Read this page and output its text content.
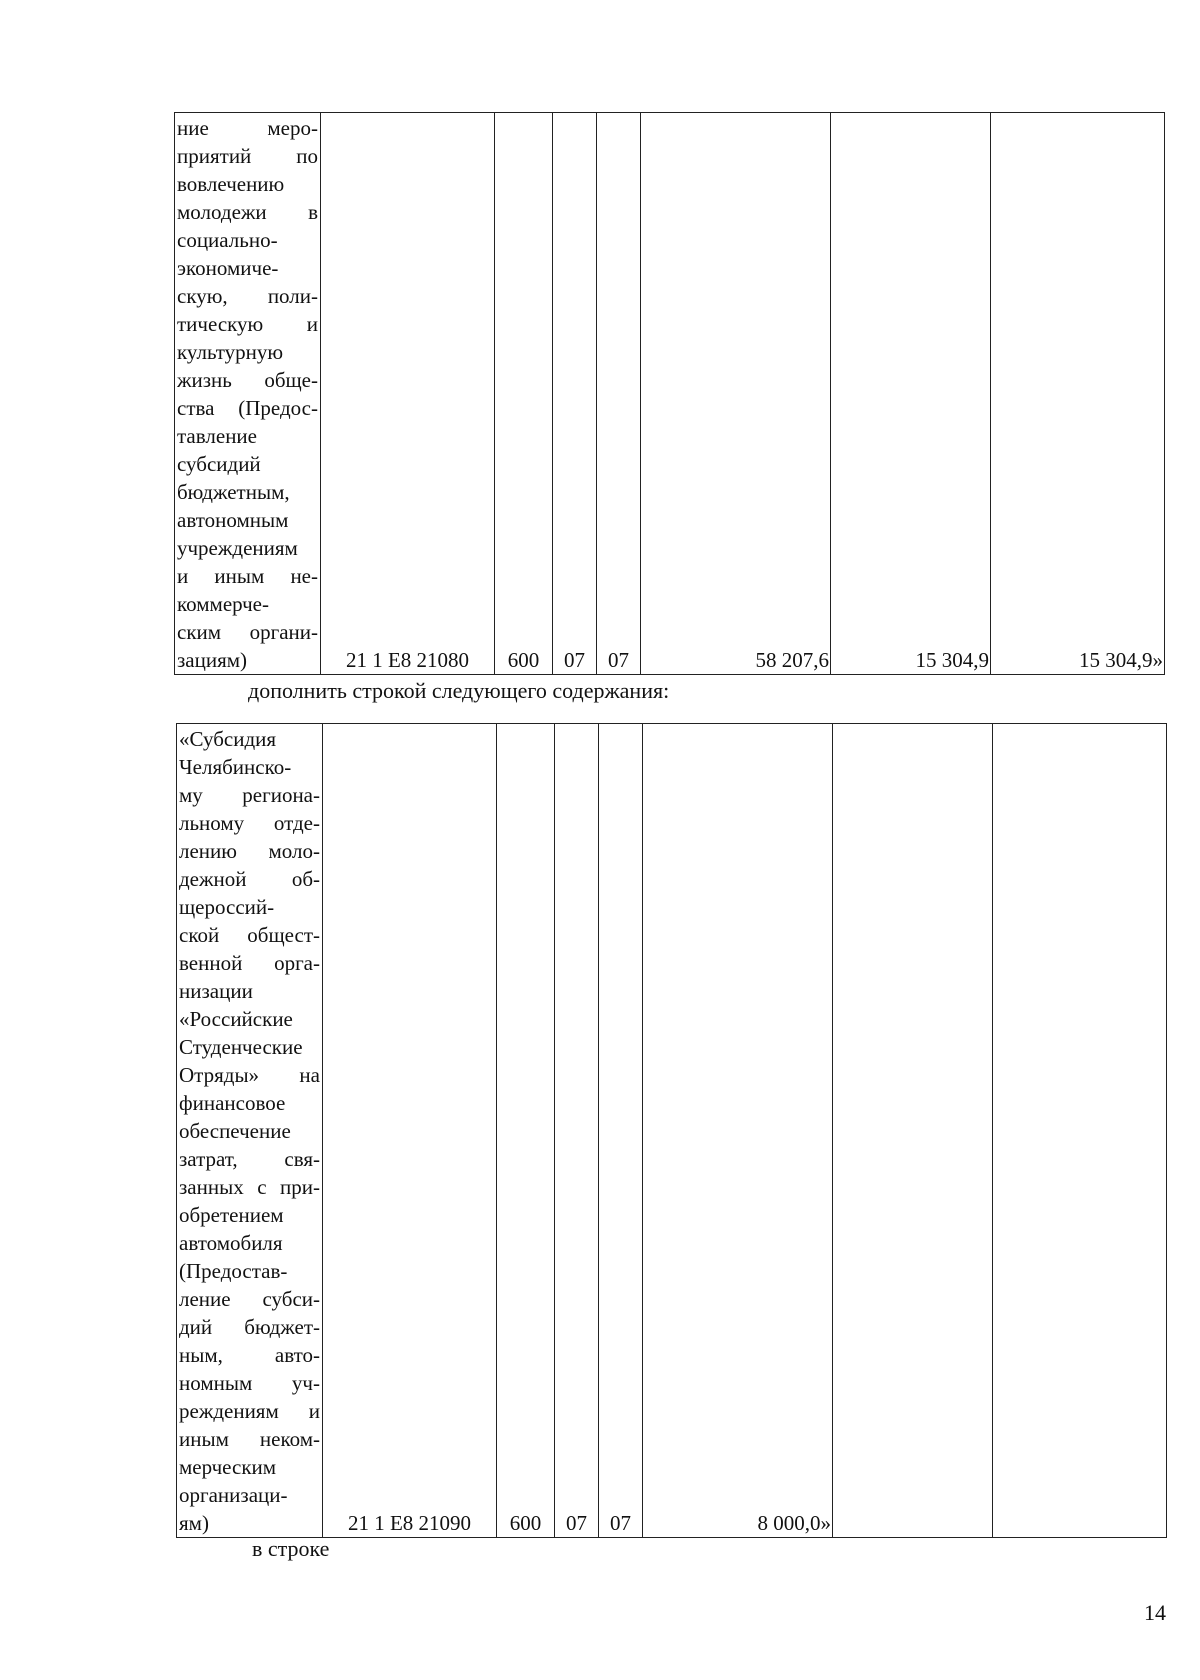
ние меро-
приятий по
вовлечению
молодежи в
социально-
экономиче-
скую, поли-
тическую и
культурную
жизнь обще-
ства (Предос-
тавление
субсидий
бюджетным,
автономным
учреждениям
и иным не-
коммерче-
ским органи-
зациям)	21 1 E8 21080	600	07	07	58 207,6	15 304,9	15 304,9»
дополнить строкой следующего содержания:
«Субсидия
Челябинско-
му регионa-
льному отде-
лению моло-
дежной об-
щероссий-
ской общест-
венной орга-
низации
«Российские
Студенческие
Отряды» на
финансовое
обеспечение
затрат, свя-
занных с при-
обретением
автомобиля
(Предостав-
ление субси-
дий бюджет-
ным, авто-
номным уч-
реждениям и
иным неком-
мерческим
организаци-
ям)	21 1 E8 21090	600	07	07	8 000,0»		
в строке
14
